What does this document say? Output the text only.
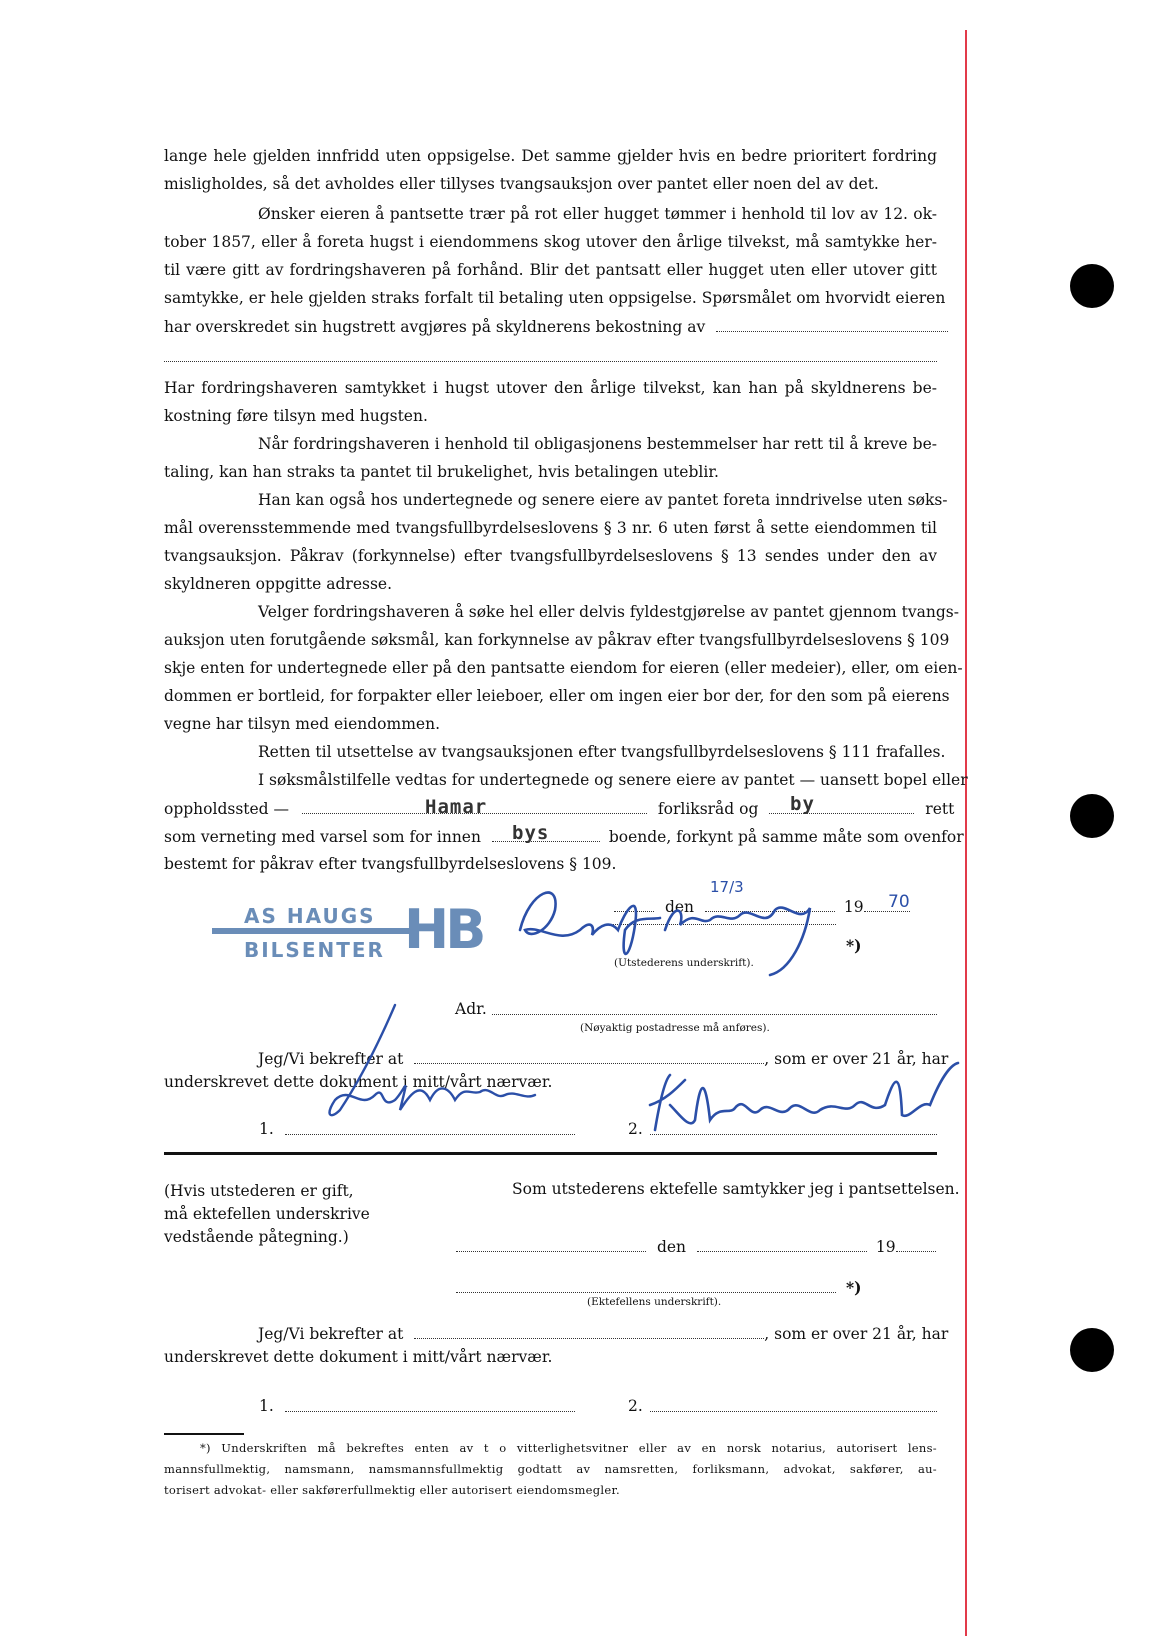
lange hele gjelden innfridd uten oppsigelse. Det samme gjelder hvis en bedre prioritert fordring
misligholdes, så det avholdes eller tillyses tvangsauksjon over pantet eller noen del av det.
Ønsker eieren å pantsette trær på rot eller hugget tømmer i henhold til lov av 12. ok-
tober 1857, eller å foreta hugst i eiendommens skog utover den årlige tilvekst, må samtykke her-
til være gitt av fordringshaveren på forhånd. Blir det pantsatt eller hugget uten eller utover gitt
samtykke, er hele gjelden straks forfalt til betaling uten oppsigelse. Spørsmålet om hvorvidt eieren
har overskredet sin hugstrett avgjøres på skyldnerens bekostning av
Har fordringshaveren samtykket i hugst utover den årlige tilvekst, kan han på skyldnerens be-
kostning føre tilsyn med hugsten.
Når fordringshaveren i henhold til obligasjonens bestemmelser har rett til å kreve be-
taling, kan han straks ta pantet til brukelighet, hvis betalingen uteblir.
Han kan også hos undertegnede og senere eiere av pantet foreta inndrivelse uten søks-
mål overensstemmende med tvangsfullbyrdelseslovens § 3 nr. 6 uten først å sette eiendommen til
tvangsauksjon. Påkrav (forkynnelse) efter tvangsfullbyrdelseslovens § 13 sendes under den av
skyldneren oppgitte adresse.
Velger fordringshaveren å søke hel eller delvis fyldestgjørelse av pantet gjennom tvangs-
auksjon uten forutgående søksmål, kan forkynnelse av påkrav efter tvangsfullbyrdelseslovens § 109
skje enten for undertegnede eller på den pantsatte eiendom for eieren (eller medeier), eller, om eien-
dommen er bortleid, for forpakter eller leieboer, eller om ingen eier bor der, for den som på eierens
vegne har tilsyn med eiendommen.
Retten til utsettelse av tvangsauksjonen efter tvangsfullbyrdelseslovens § 111 frafalles.
I søksmålstilfelle vedtas for undertegnede og senere eiere av pantet — uansett bopel eller
oppholdssted —	forliksråd og	rett
som verneting med varsel som for innen	boende, forkynt på samme måte som ovenfor
bestemt for påkrav efter tvangsfullbyrdelseslovens § 109.
Hamar	by
bys
AS HAUGS
BILSENTER HB	den	19
17/3
70
*)
(Utstederens underskrift).
Adr.
(Nøyaktig postadresse må anføres).
Jeg/Vi bekrefter at	, som er over 21 år, har
underskrevet dette dokument i mitt/vårt nærvær.
1.	2.
(Hvis utstederen er gift,
må ektefellen underskrive
vedstående påtegning.)
Som utstederens ektefelle samtykker jeg i pantsettelsen.
den	19
*)
(Ektefellens underskrift).
Jeg/Vi bekrefter at	, som er over 21 år, har
underskrevet dette dokument i mitt/vårt nærvær.
1.	2.
*) Underskriften må bekreftes enten av t o vitterlighetsvitner eller av en norsk notarius, autorisert lens-
mannsfullmektig, namsmann, namsmannsfullmektig godtatt av namsretten, forliksmann, advokat, sakfører, au-
torisert advokat- eller sakførerfullmektig eller autorisert eiendomsmegler.
